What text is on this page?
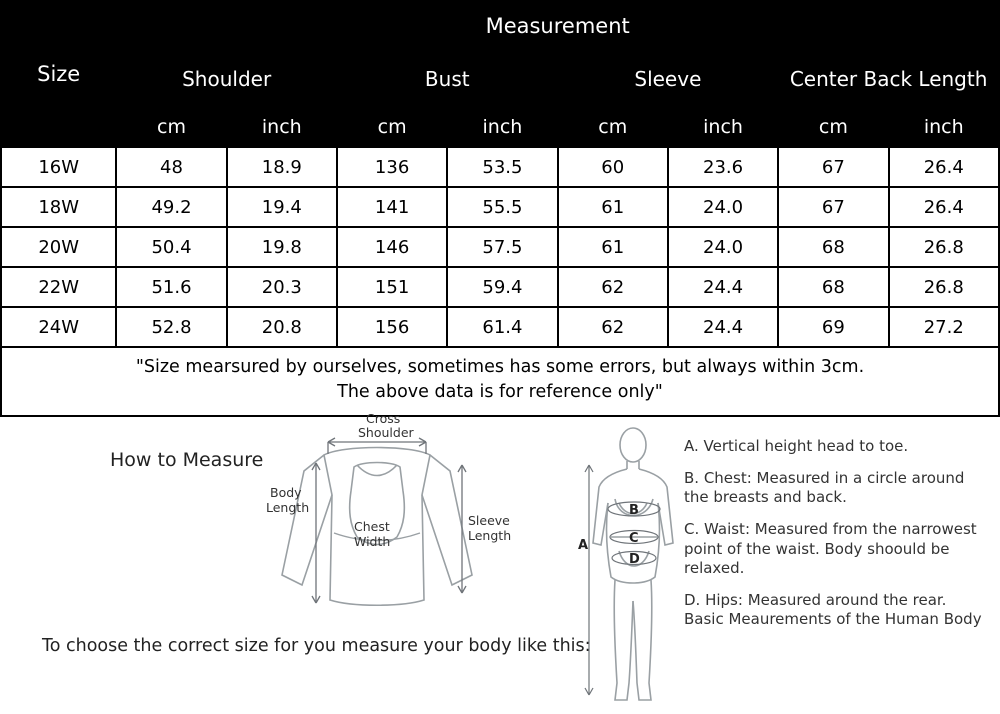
Size	Measurement							
	Shoulder		Bust		Sleeve		Center Back Length	
	cm	inch	cm	inch	cm	inch	cm	inch
16W	48	18.9	136	53.5	60	23.6	67	26.4
18W	49.2	19.4	141	55.5	61	24.0	67	26.4
20W	50.4	19.8	146	57.5	61	24.0	68	26.8
22W	51.6	20.3	151	59.4	62	24.4	68	26.8
24W	52.8	20.8	156	61.4	62	24.4	69	27.2

"Size mearsured by ourselves, sometimes has some errors, but always within 3cm.
The above data is for reference only"								
How to Measure
To choose the correct size for you measure your body like this:
Cross
Shoulder
Body
Length
Chest
Width
Sleeve
Length
A
B
C
D

A. Vertical height head to toe.

B. Chest: Measured in a circle around the breasts and back.

C. Waist: Measured from the narrowest point of the waist. Body shoould be relaxed.

D. Hips: Measured around the rear. Basic Meaurements of the Human Body
